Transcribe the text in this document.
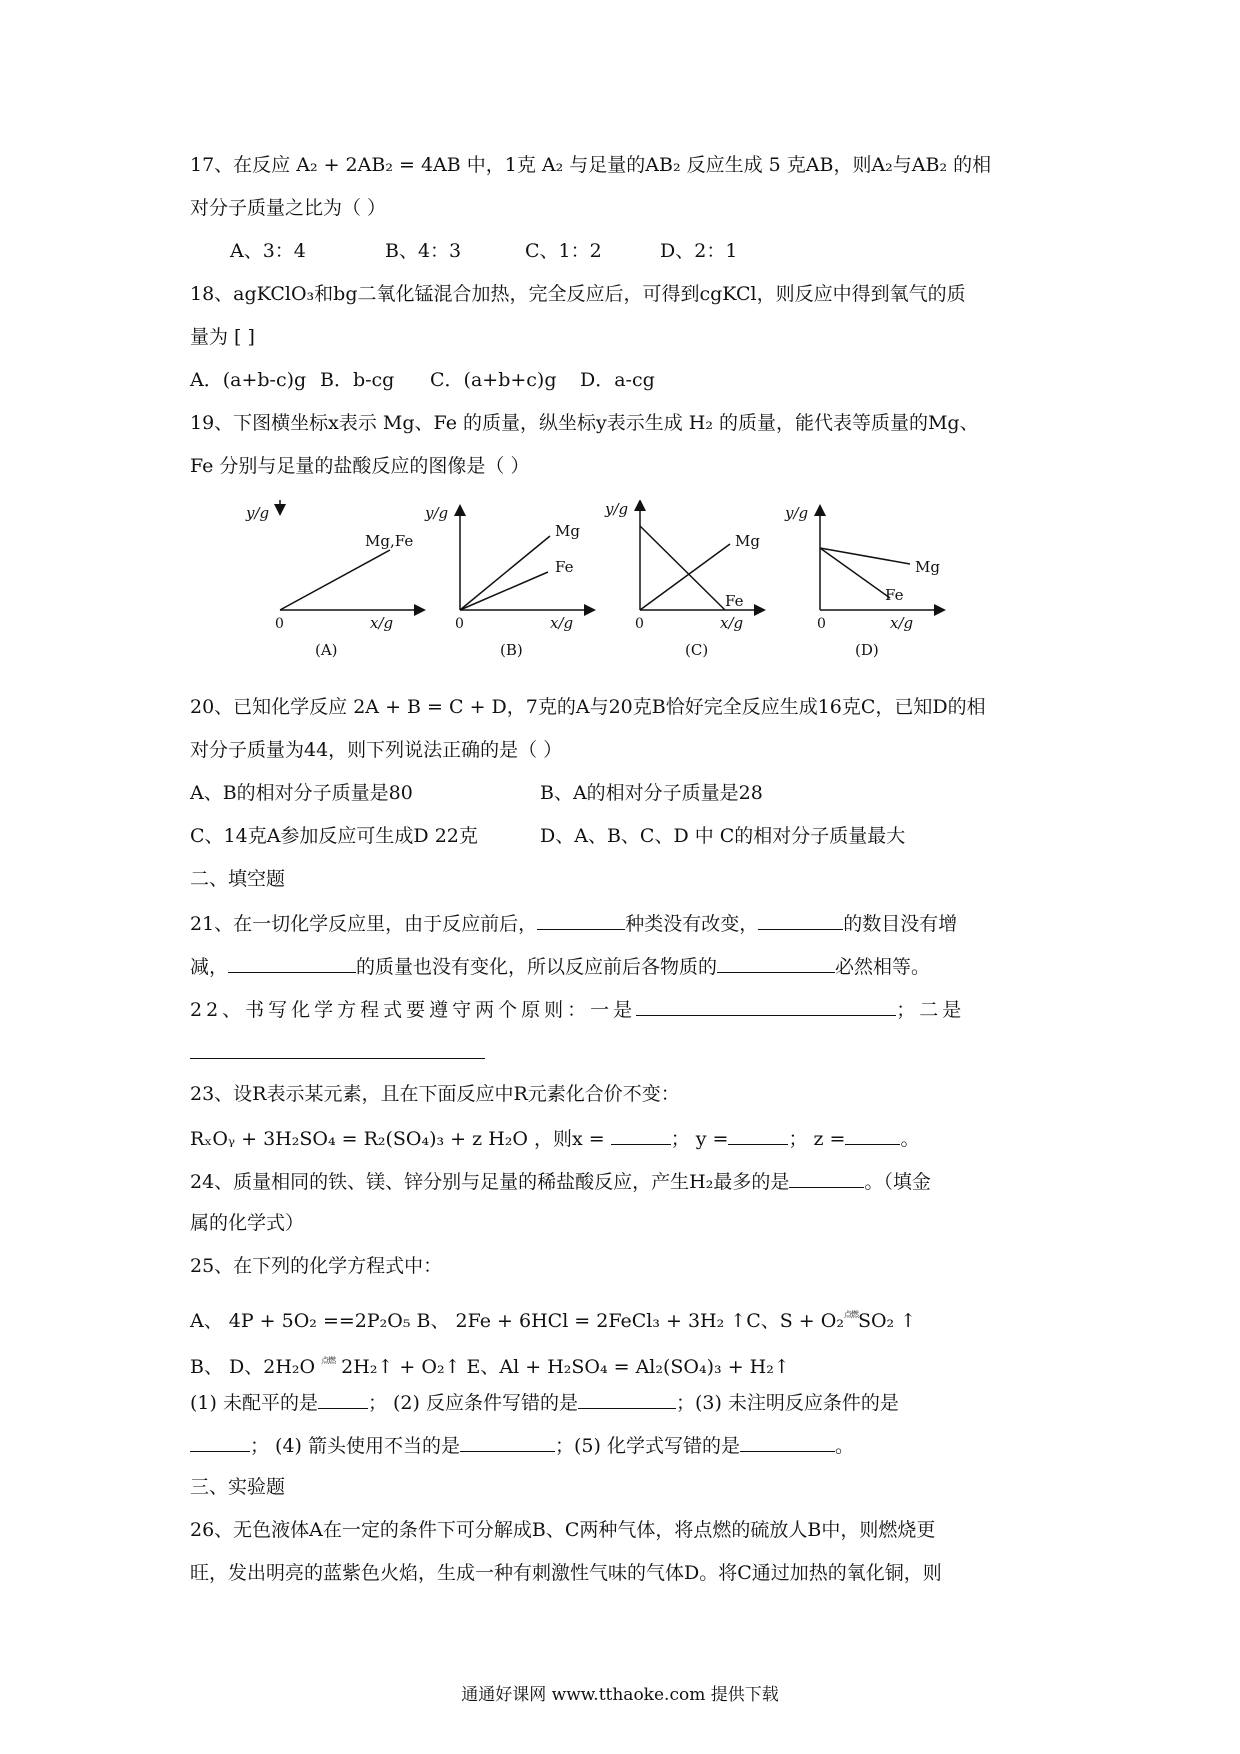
17、在反应 A₂ + 2AB₂ = 4AB 中，1克 A₂ 与足量的AB₂ 反应生成 5 克AB，则A₂与AB₂ 的相
对分子质量之比为（ ）
A、3：4	B、4：3	C、1：2	D、2：1
18、agKClO₃和bg二氧化锰混合加热，完全反应后，可得到cgKCl，则反应中得到氧气的质
量为 [ ]
A．(a+b-c)g B．b-cg C．(a+b+c)g D．a-cg
19、下图横坐标x表示 Mg、Fe 的质量，纵坐标y表示生成 H₂ 的质量，能代表等质量的Mg、
Fe 分别与足量的盐酸反应的图像是（ ）
y/g
x/g
0
Mg,Fe
(A)
y/g
x/g
0
Mg
Fe
(B)
y/g
x/g
0
Mg
Fe
(C)
y/g
x/g
0
Mg
Fe
(D)
20、已知化学反应 2A + B = C + D，7克的A与20克B恰好完全反应生成16克C，已知D的相
对分子质量为44，则下列说法正确的是（ ）
A、B的相对分子质量是80	B、A的相对分子质量是28
C、14克A参加反应可生成D 22克	D、A、B、C、D 中 C的相对分子质量最大
二、填空题
21、在一切化学反应里，由于反应前后，	种类没有改变，	的数目没有增
减，	的质量也没有变化，所以反应前后各物质的	必然相等。
22、书写化学方程式要遵守两个原则：一是	；二是
23、设R表示某元素，且在下面反应中R元素化合价不变：
RₓOᵧ + 3H₂SO₄ = R₂(SO₄)₃ + z H₂O ，则x =	； y =	； z =	。
24、质量相同的铁、镁、锌分别与足量的稀盐酸反应，产生H₂最多的是	。（填金
属的化学式）
25、在下列的化学方程式中：
A、 4P + 5O₂ ==2P₂O₅ B、 2Fe + 6HCl = 2FeCl₃ + 3H₂ ↑C、S + O₂$^{点燃}$SO₂ ↑
B、 D、2H₂O $^{点燃}$ 2H₂↑ + O₂↑ E、Al + H₂SO₄ = Al₂(SO₄)₃ + H₂↑
(1) 未配平的是	； (2) 反应条件写错的是	；(3) 未注明反应条件的是
； (4) 箭头使用不当的是	；(5) 化学式写错的是	。
三、实验题
26、无色液体A在一定的条件下可分解成B、C两种气体，将点燃的硫放人B中，则燃烧更
旺，发出明亮的蓝紫色火焰，生成一种有刺激性气味的气体D。将C通过加热的氧化铜，则
通通好课网 www.tthaoke.com 提供下载
